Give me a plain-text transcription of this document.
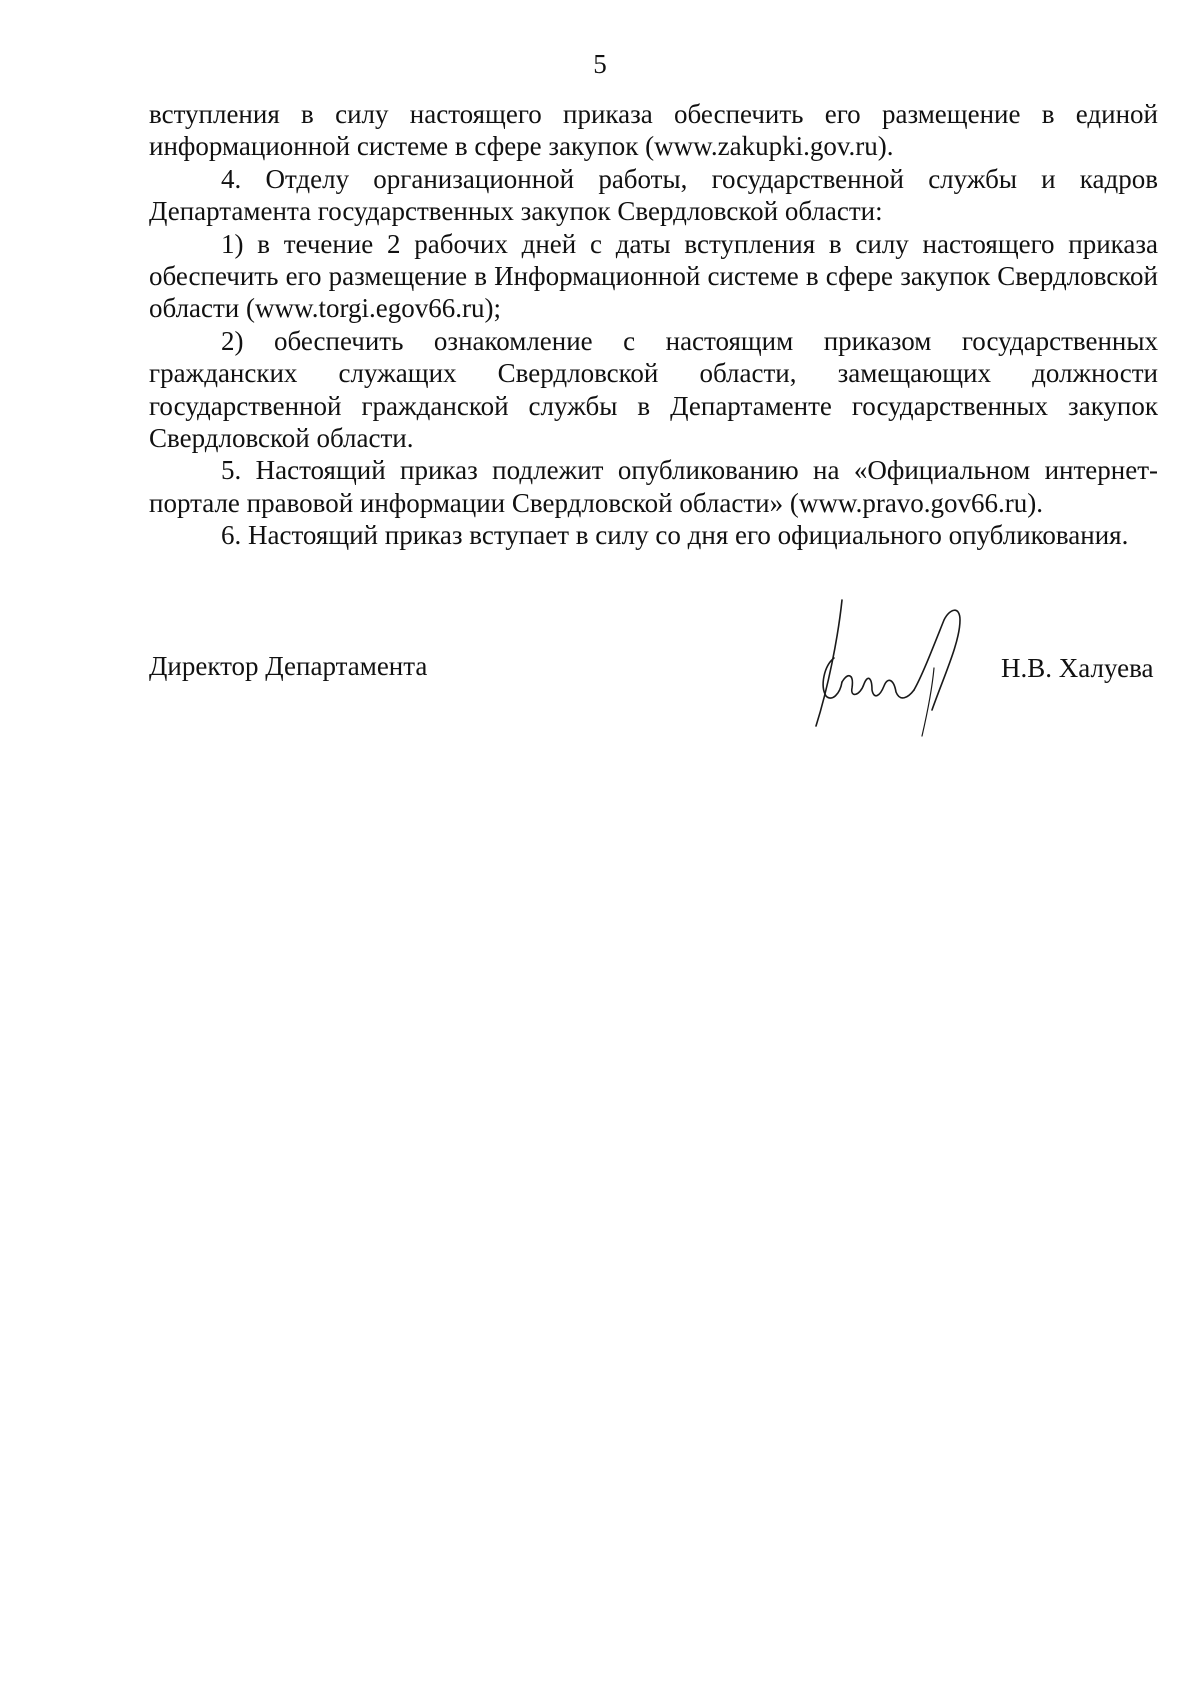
5

вступления в силу настоящего приказа обеспечить его размещение в единой информационной системе в сфере закупок (www.zakupki.gov.ru).

4. Отделу организационной работы, государственной службы и кадров Департамента государственных закупок Свердловской области:

1) в течение 2 рабочих дней с даты вступления в силу настоящего приказа обеспечить его размещение в Информационной системе в сфере закупок Свердловской области (www.torgi.egov66.ru);

2) обеспечить ознакомление с настоящим приказом государственных гражданских служащих Свердловской области, замещающих должности государственной гражданской службы в Департаменте государственных закупок Свердловской области.

5. Настоящий приказ подлежит опубликованию на «Официальном интернет-портале правовой информации Свердловской области» (www.pravo.gov66.ru).

6. Настоящий приказ вступает в силу со дня его официального опубликования.

Директор Департамента	Н.В. Халуева
